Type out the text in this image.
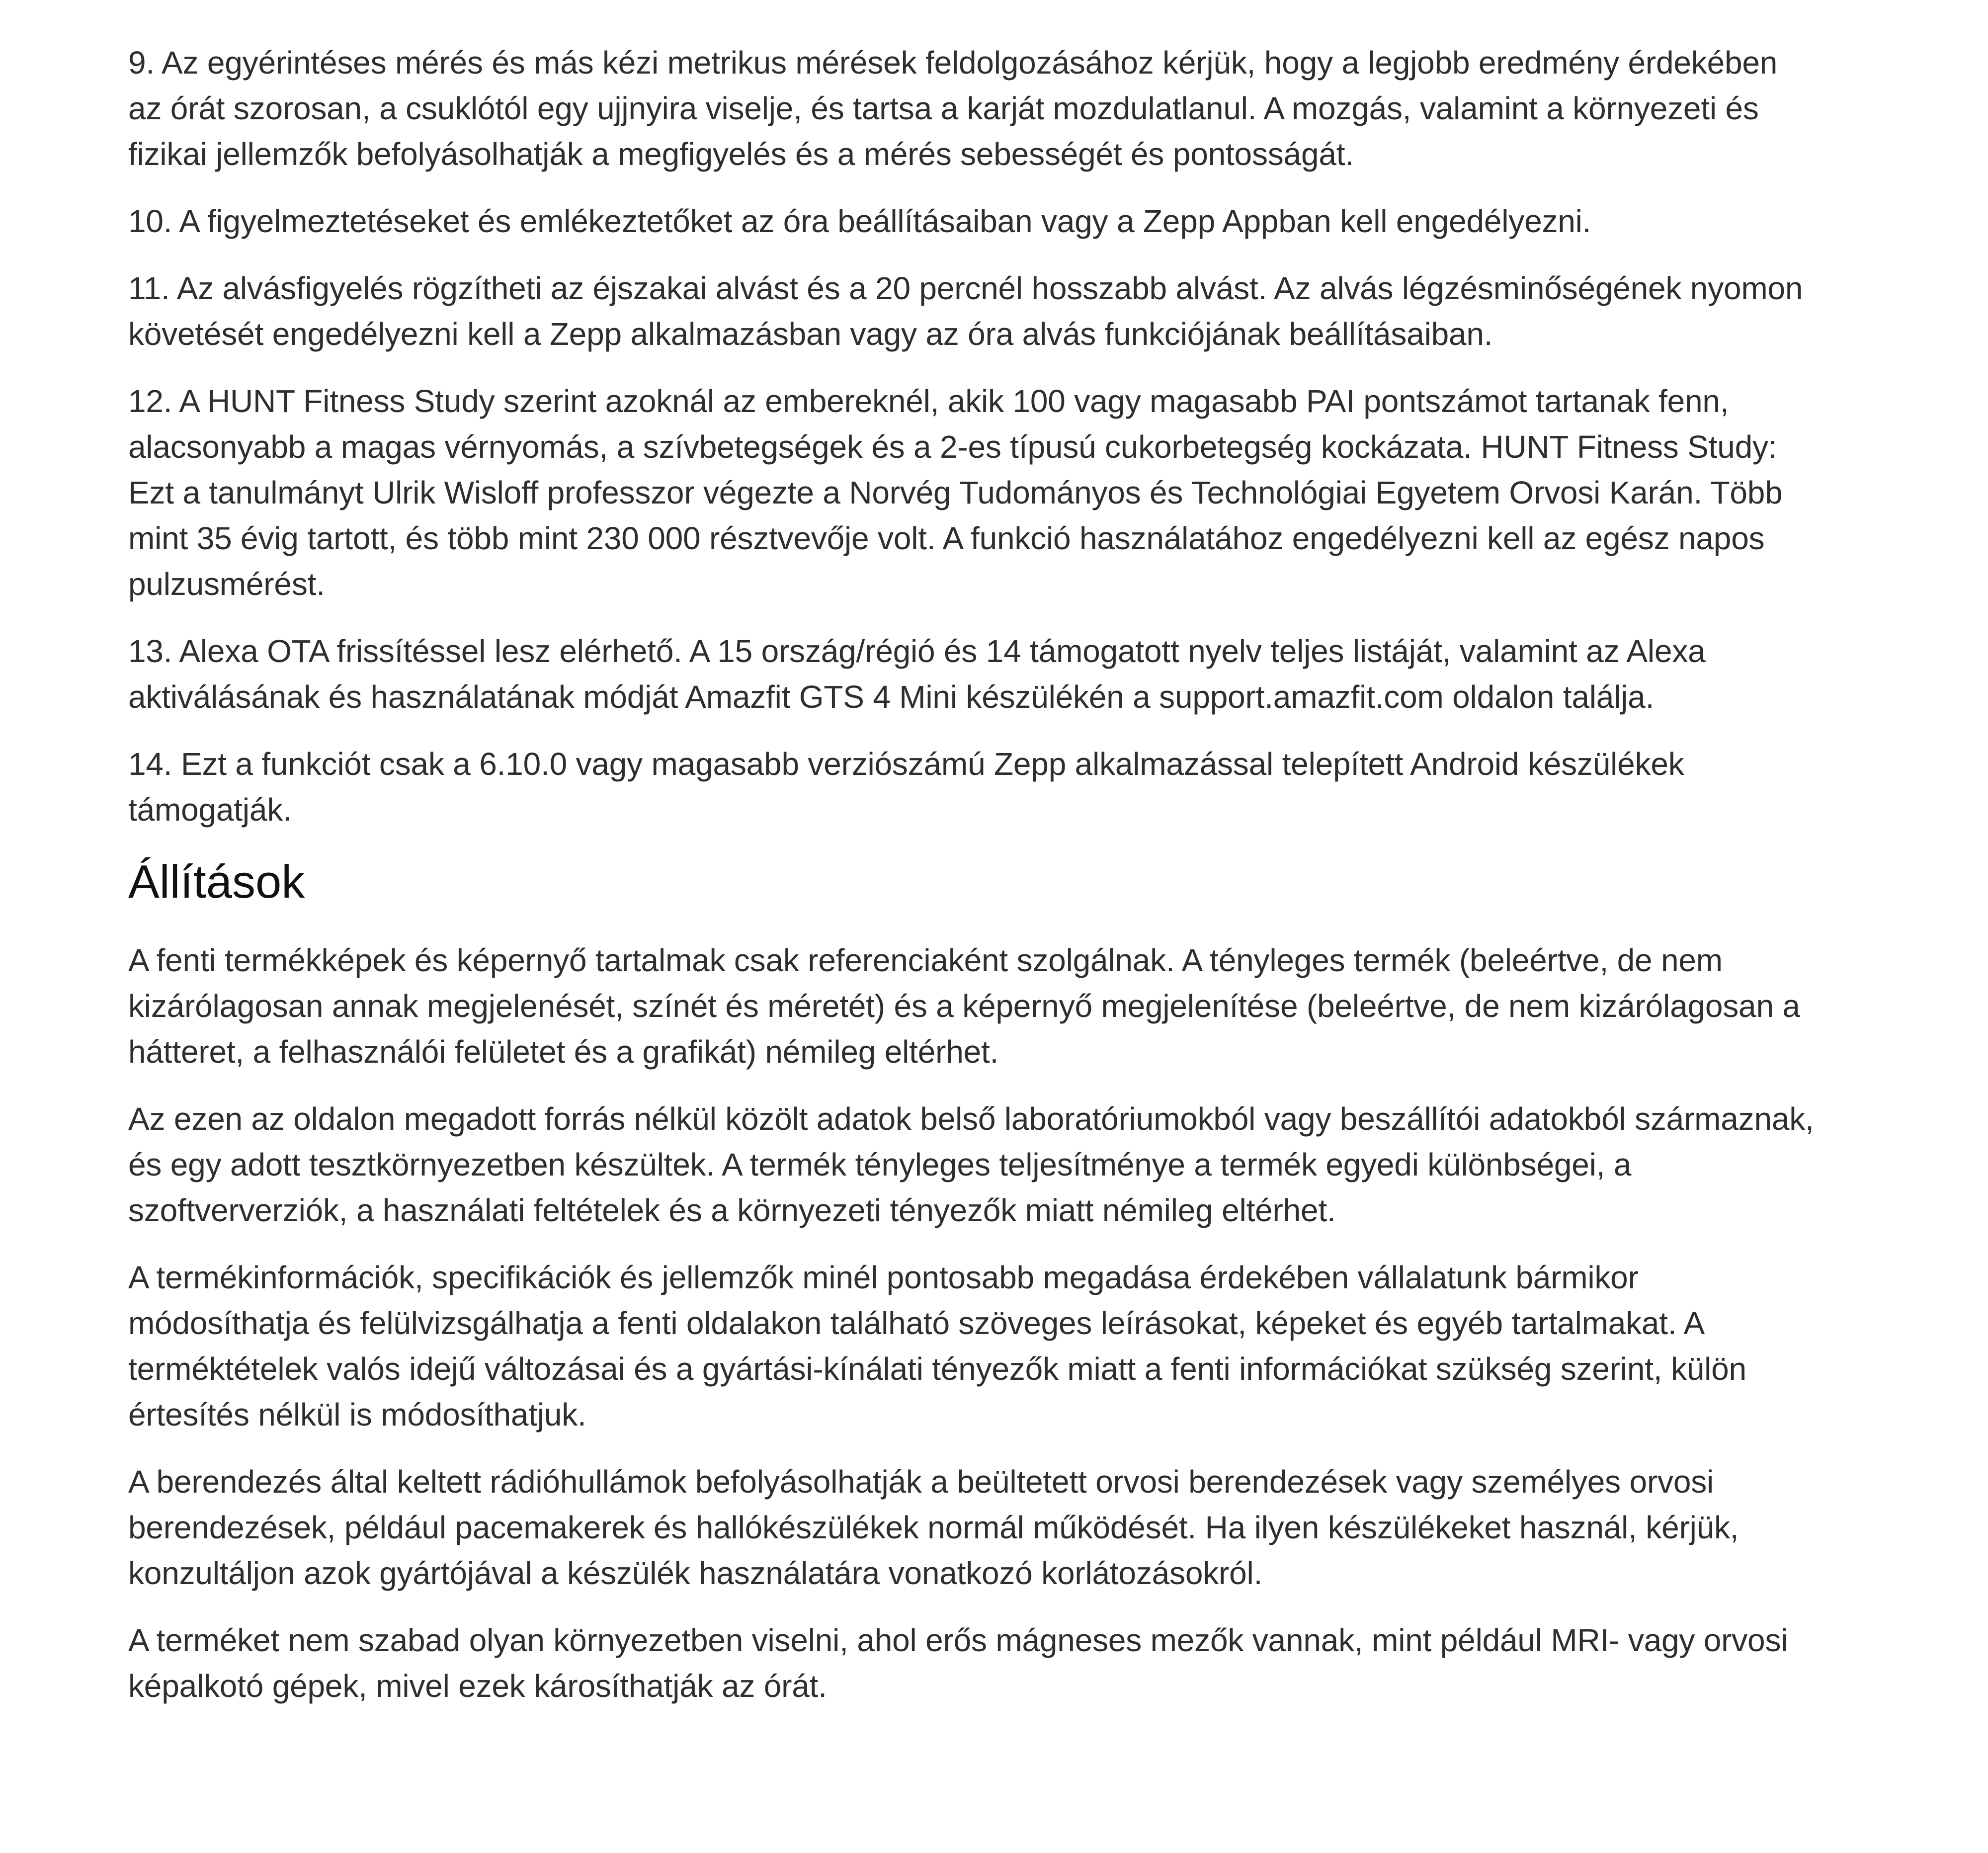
9. Az egyérintéses mérés és más kézi metrikus mérések feldolgozásához kérjük, hogy a legjobb eredmény érdekében az órát szorosan, a csuklótól egy ujjnyira viselje, és tartsa a karját mozdulatlanul. A mozgás, valamint a környezeti és fizikai jellemzők befolyásolhatják a megfigyelés és a mérés sebességét és pontosságát.

10. A figyelmeztetéseket és emlékeztetőket az óra beállításaiban vagy a Zepp Appban kell engedélyezni.

11. Az alvásfigyelés rögzítheti az éjszakai alvást és a 20 percnél hosszabb alvást. Az alvás légzésminőségének nyomon követését engedélyezni kell a Zepp alkalmazásban vagy az óra alvás funkciójának beállításaiban.

12. A HUNT Fitness Study szerint azoknál az embereknél, akik 100 vagy magasabb PAI pontszámot tartanak fenn, alacsonyabb a magas vérnyomás, a szívbetegségek és a 2-es típusú cukorbetegség kockázata. HUNT Fitness Study: Ezt a tanulmányt Ulrik Wisloff professzor végezte a Norvég Tudományos és Technológiai Egyetem Orvosi Karán. Több mint 35 évig tartott, és több mint 230 000 résztvevője volt. A funkció használatához engedélyezni kell az egész napos pulzusmérést.

13. Alexa OTA frissítéssel lesz elérhető. A 15 ország/régió és 14 támogatott nyelv teljes listáját, valamint az Alexa aktiválásának és használatának módját Amazfit GTS 4 Mini készülékén a support.amazfit.com oldalon találja.

14. Ezt a funkciót csak a 6.10.0 vagy magasabb verziószámú Zepp alkalmazással telepített Android készülékek támogatják.

Állítások

A fenti termékképek és képernyő tartalmak csak referenciaként szolgálnak. A tényleges termék (beleértve, de nem kizárólagosan annak megjelenését, színét és méretét) és a képernyő megjelenítése (beleértve, de nem kizárólagosan a hátteret, a felhasználói felületet és a grafikát) némileg eltérhet.

Az ezen az oldalon megadott forrás nélkül közölt adatok belső laboratóriumokból vagy beszállítói adatokból származnak, és egy adott tesztkörnyezetben készültek. A termék tényleges teljesítménye a termék egyedi különbségei, a szoftververziók, a használati feltételek és a környezeti tényezők miatt némileg eltérhet.

A termékinformációk, specifikációk és jellemzők minél pontosabb megadása érdekében vállalatunk bármikor módosíthatja és felülvizsgálhatja a fenti oldalakon található szöveges leírásokat, képeket és egyéb tartalmakat. A terméktételek valós idejű változásai és a gyártási-kínálati tényezők miatt a fenti információkat szükség szerint, külön értesítés nélkül is módosíthatjuk.

A berendezés által keltett rádióhullámok befolyásolhatják a beültetett orvosi berendezések vagy személyes orvosi berendezések, például pacemakerek és hallókészülékek normál működését. Ha ilyen készülékeket használ, kérjük, konzultáljon azok gyártójával a készülék használatára vonatkozó korlátozásokról.

A terméket nem szabad olyan környezetben viselni, ahol erős mágneses mezők vannak, mint például MRI- vagy orvosi képalkotó gépek, mivel ezek károsíthatják az órát.
